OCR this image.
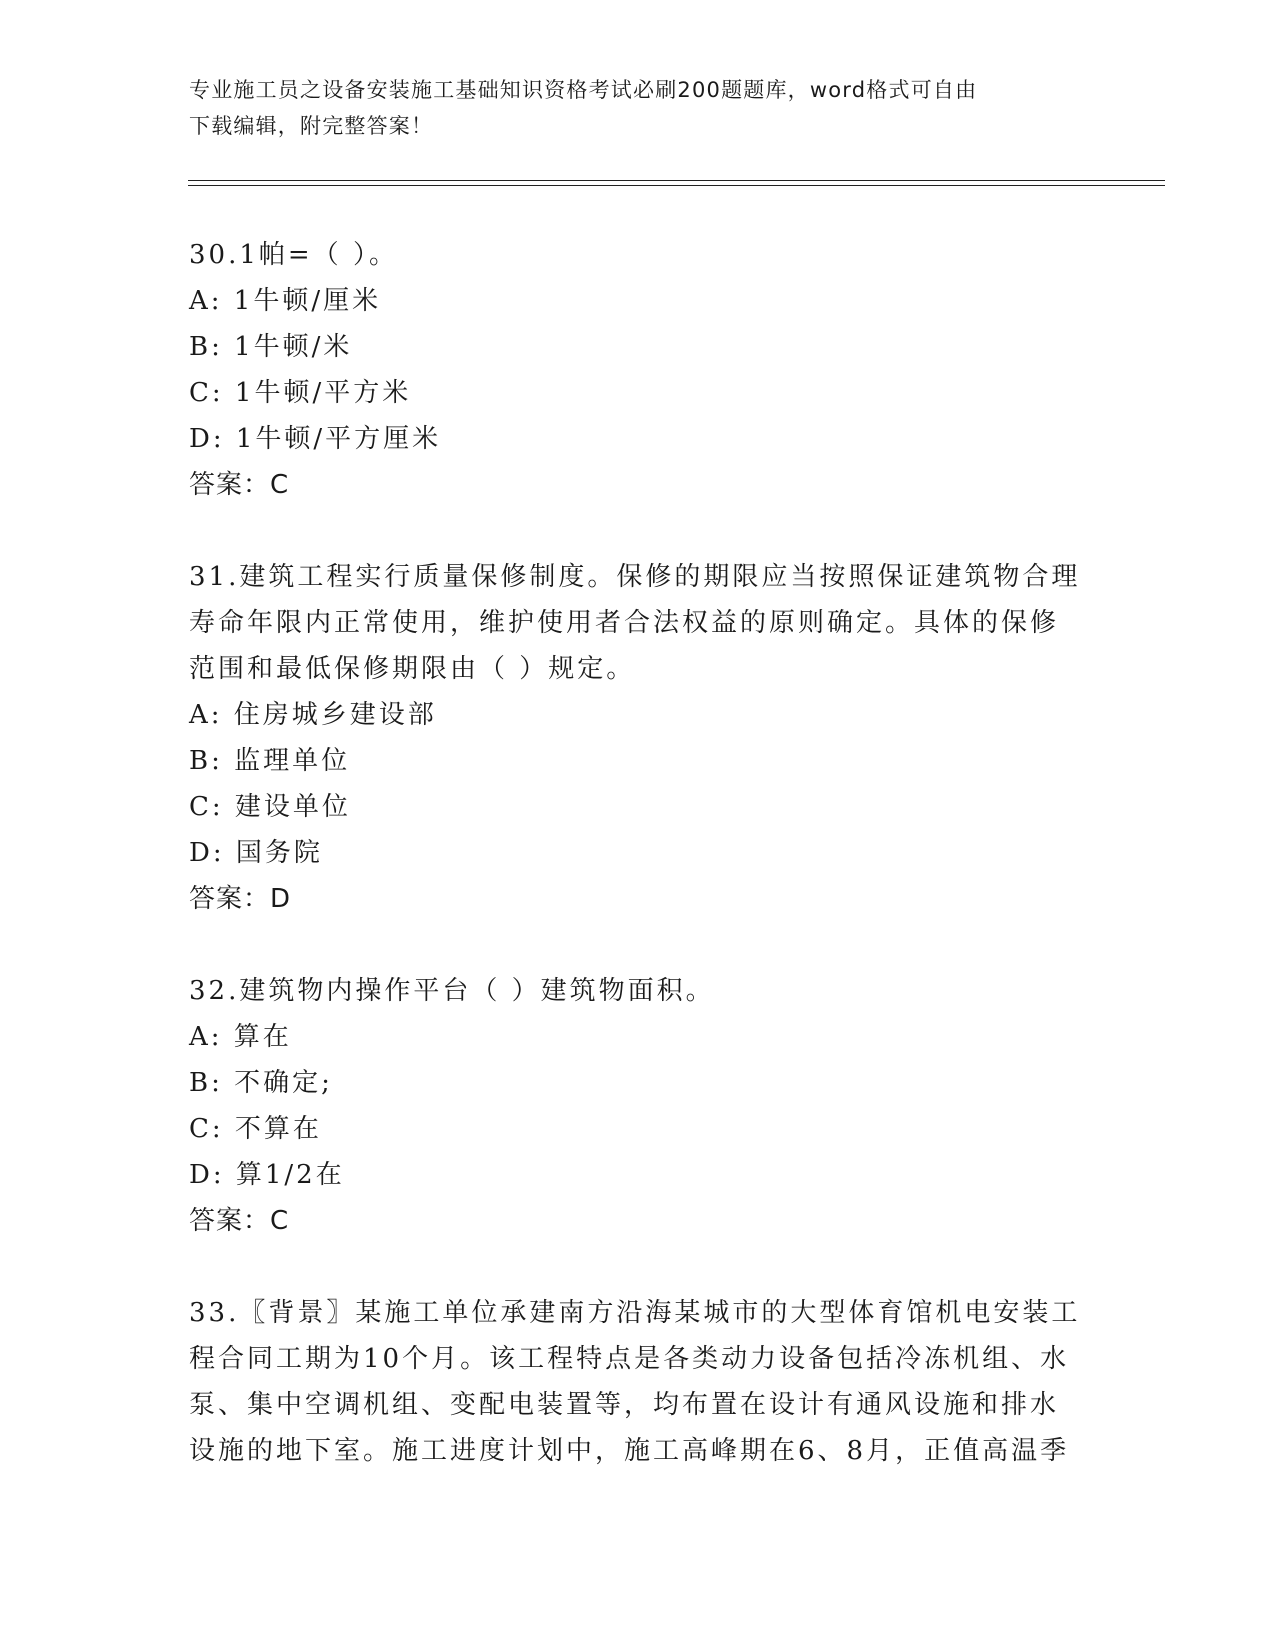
专业施工员之设备安装施工基础知识资格考试必刷200题题库，word格式可自由
下载编辑，附完整答案！

30.1帕=（ ）。

A: 1牛顿/厘米

B: 1牛顿/米

C: 1牛顿/平方米

D: 1牛顿/平方厘米

答案：C

31.建筑工程实行质量保修制度。保修的期限应当按照保证建筑物合理

寿命年限内正常使用，维护使用者合法权益的原则确定。具体的保修

范围和最低保修期限由（ ）规定。

A: 住房城乡建设部

B: 监理单位

C: 建设单位

D: 国务院

答案：D

32.建筑物内操作平台（ ）建筑物面积。

A: 算在

B: 不确定;

C: 不算在

D: 算1/2在

答案：C

33.〖背景〗某施工单位承建南方沿海某城市的大型体育馆机电安装工

程合同工期为10个月。该工程特点是各类动力设备包括冷冻机组、水

泵、集中空调机组、变配电装置等，均布置在设计有通风设施和排水

设施的地下室。施工进度计划中，施工高峰期在6、8月，正值高温季
